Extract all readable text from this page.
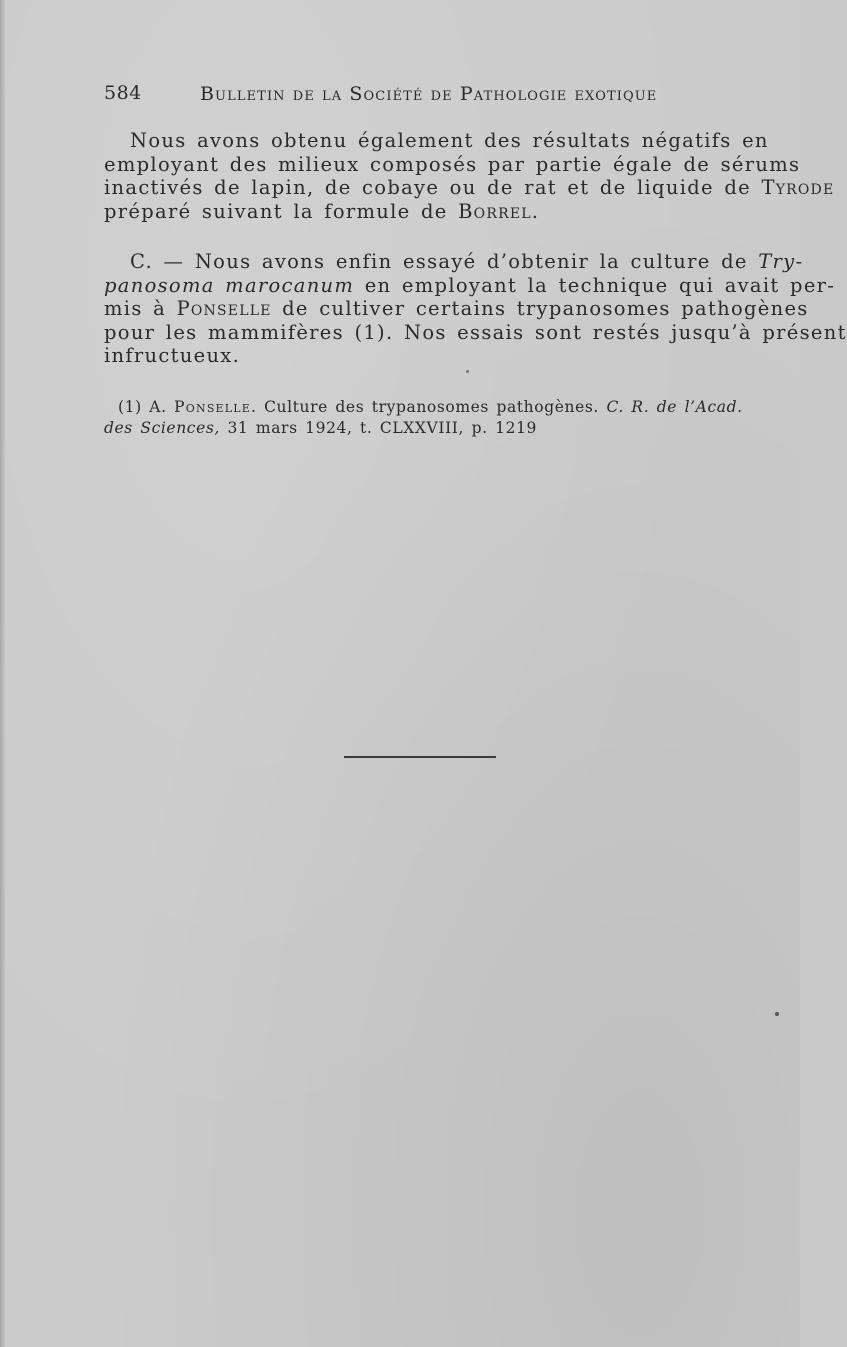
584	Bulletin de la Société de Pathologie exotique
Nous avons obtenu également des résultats négatifs en
employant des milieux composés par partie égale de sérums
inactivés de lapin, de cobaye ou de rat et de liquide de Tyrode
préparé suivant la formule de Borrel.
C. — Nous avons enfin essayé d’obtenir la culture de Try-
panosoma marocanum en employant la technique qui avait per-
mis à Ponselle de cultiver certains trypanosomes pathogènes
pour les mammifères (1). Nos essais sont restés jusqu’à présent
infructueux.
(1) A. Ponselle. Culture des trypanosomes pathogènes. C. R. de l’Acad. des Sciences, 31 mars 1924, t. CLXXVIII, p. 1219
